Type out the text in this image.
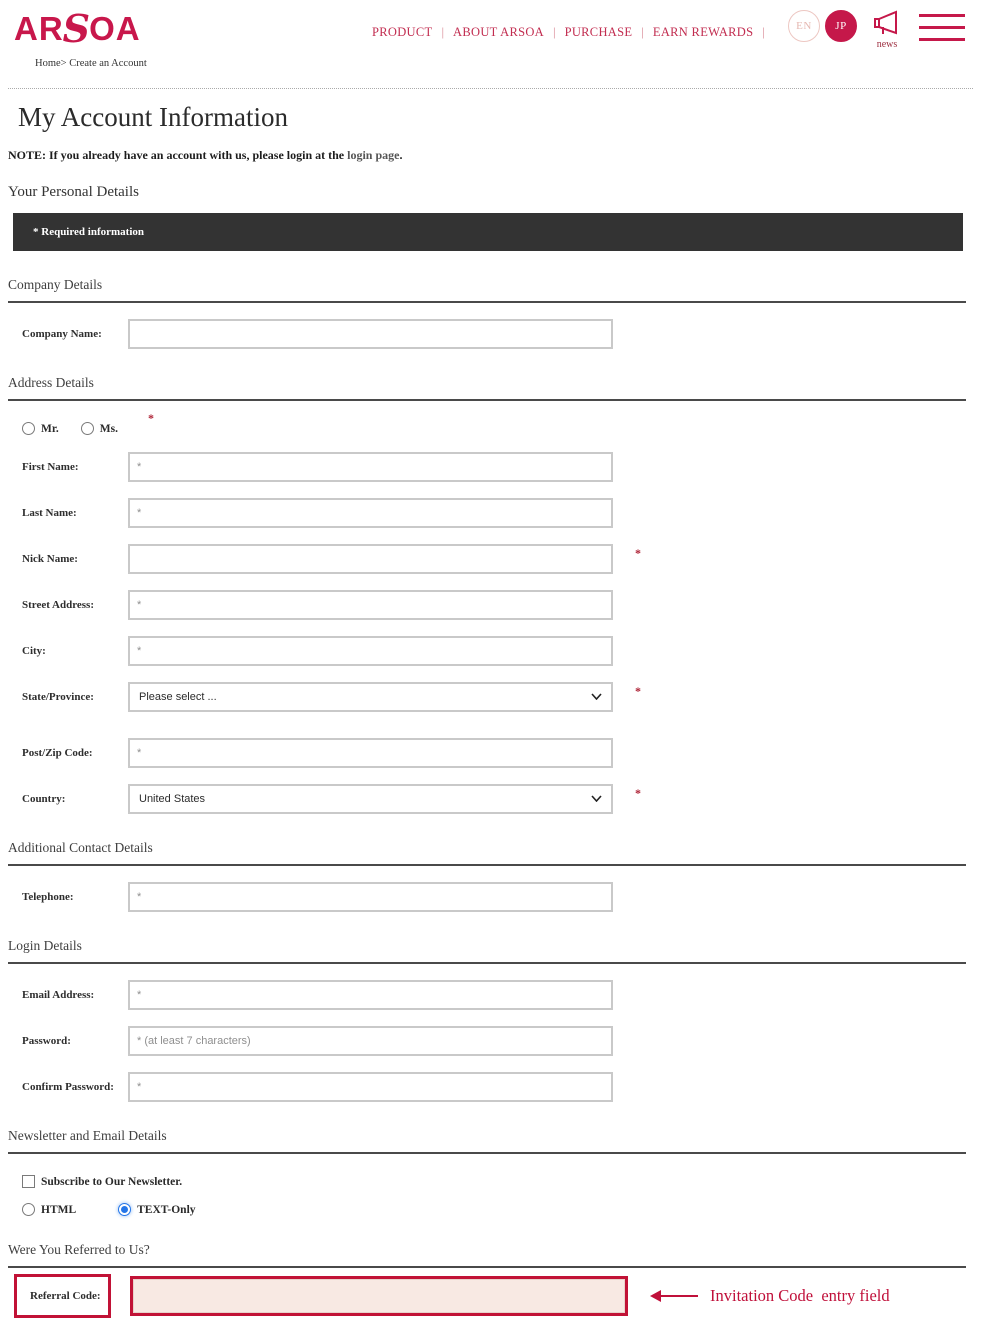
AR S OA	PRODUCT | ABOUT ARSOA | PURCHASE | EARN REWARDS |	EN	JP
news
Home> Create an Account
My Account Information
NOTE: If you already have an account with us, please login at the login page.
Your Personal Details
* Required information
Company Details
Company Name:
Address Details
Mr.	Ms.
*
First Name:
*
Last Name:
*
Nick Name:	*
Street Address:
*
City:
*
State/Province:	Please select ...	*
Post/Zip Code:
*
Country:	United States	*
Additional Contact Details
Telephone:
*
Login Details
Email Address:
*
Password:
* (at least 7 characters)
Confirm Password:
*
Newsletter and Email Details
Subscribe to Our Newsletter.
HTML	TEXT-Only
Were You Referred to Us?
Referral Code:	Invitation Code  entry field
